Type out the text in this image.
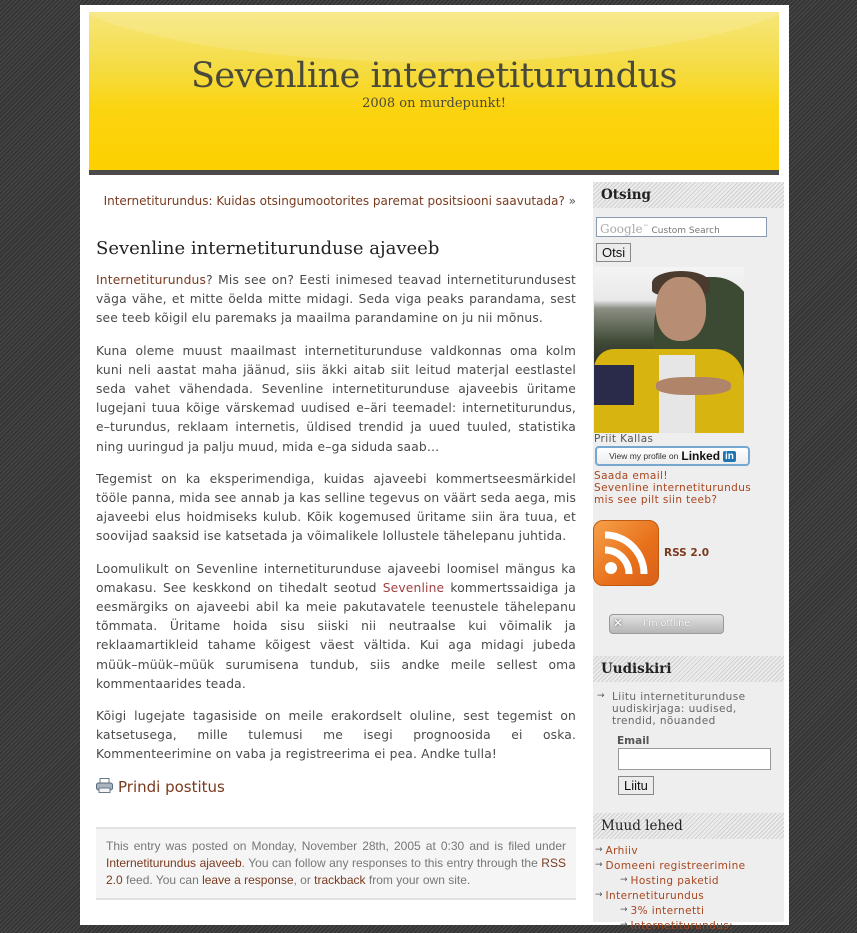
Sevenline internetiturundus
2008 on murdepunkt!
Internetiturundus: Kuidas otsingumootorites paremat positsiooni saavutada? »
Sevenline internetiturunduse ajaveeb

Internetiturundus? Mis see on? Eesti inimesed teavad internetiturundusest väga vähe, et mitte öelda mitte midagi. Seda viga peaks parandama, sest see teeb kõigil elu paremaks ja maailma parandamine on ju nii mõnus.

Kuna oleme muust maailmast internetiturunduse valdkonnas oma kolm kuni neli aastat maha jäänud, siis äkki aitab siit leitud materjal eestlastel seda vahet vähendada. Sevenline internetiturunduse ajaveebis üritame lugejani tuua kõige värskemad uudised e–äri teemadel: internetiturundus, e–turundus, reklaam internetis, üldised trendid ja uued tuuled, statistika ning uuringud ja palju muud, mida e–ga siduda saab…

Tegemist on ka eksperimendiga, kuidas ajaveebi kommertseesmärkidel tööle panna, mida see annab ja kas selline tegevus on väärt seda aega, mis ajaveebi elus hoidmiseks kulub. Kõik kogemused üritame siin ära tuua, et soovijad saaksid ise katsetada ja võimalikele lollustele tähelepanu juhtida.

Loomulikult on Sevenline internetiturunduse ajaveebi loomisel mängus ka omakasu. See keskkond on tihedalt seotud Sevenline kommertssaidiga ja eesmärgiks on ajaveebi abil ka meie pakutavatele teenustele tähelepanu tõmmata. Üritame hoida sisu siiski nii neutraalse kui võimalik ja reklaamartikleid tahame kõigest väest vältida. Kui aga midagi jubeda müük–müük–müük surumisena tundub, siis andke meile sellest oma kommentaarides teada.

Kõigi lugejate tagasiside on meile erakordselt oluline, sest tegemist on katsetusega, mille tulemusi me isegi prognoosida ei oska. Kommenteerimine on vaba ja registreerima ei pea. Andke tulla!

Prindi postitus
This entry was posted on Monday, November 28th, 2005 at 0:30 and is filed under Internetiturundus ajaveeb. You can follow any responses to this entry through the RSS 2.0 feed. You can leave a response, or trackback from your own site.
Otsing
Google™ Custom Search
Otsi
Priit Kallas
View my profile on Linked in
Saada email!
Sevenline internetiturundus
mis see pilt siin teeb?
RSS 2.0
✕ I'm offline
Uudiskiri
→ Liitu internetiturunduse uudiskirjaga: uudised, trendid, nõuanded
Email
Liitu
Muud lehed
→ Arhiiv
→ Domeeni registreerimine
→ Hosting paketid
→ Internetiturundus
→ 3% internetti
→ Internetiturundus:
